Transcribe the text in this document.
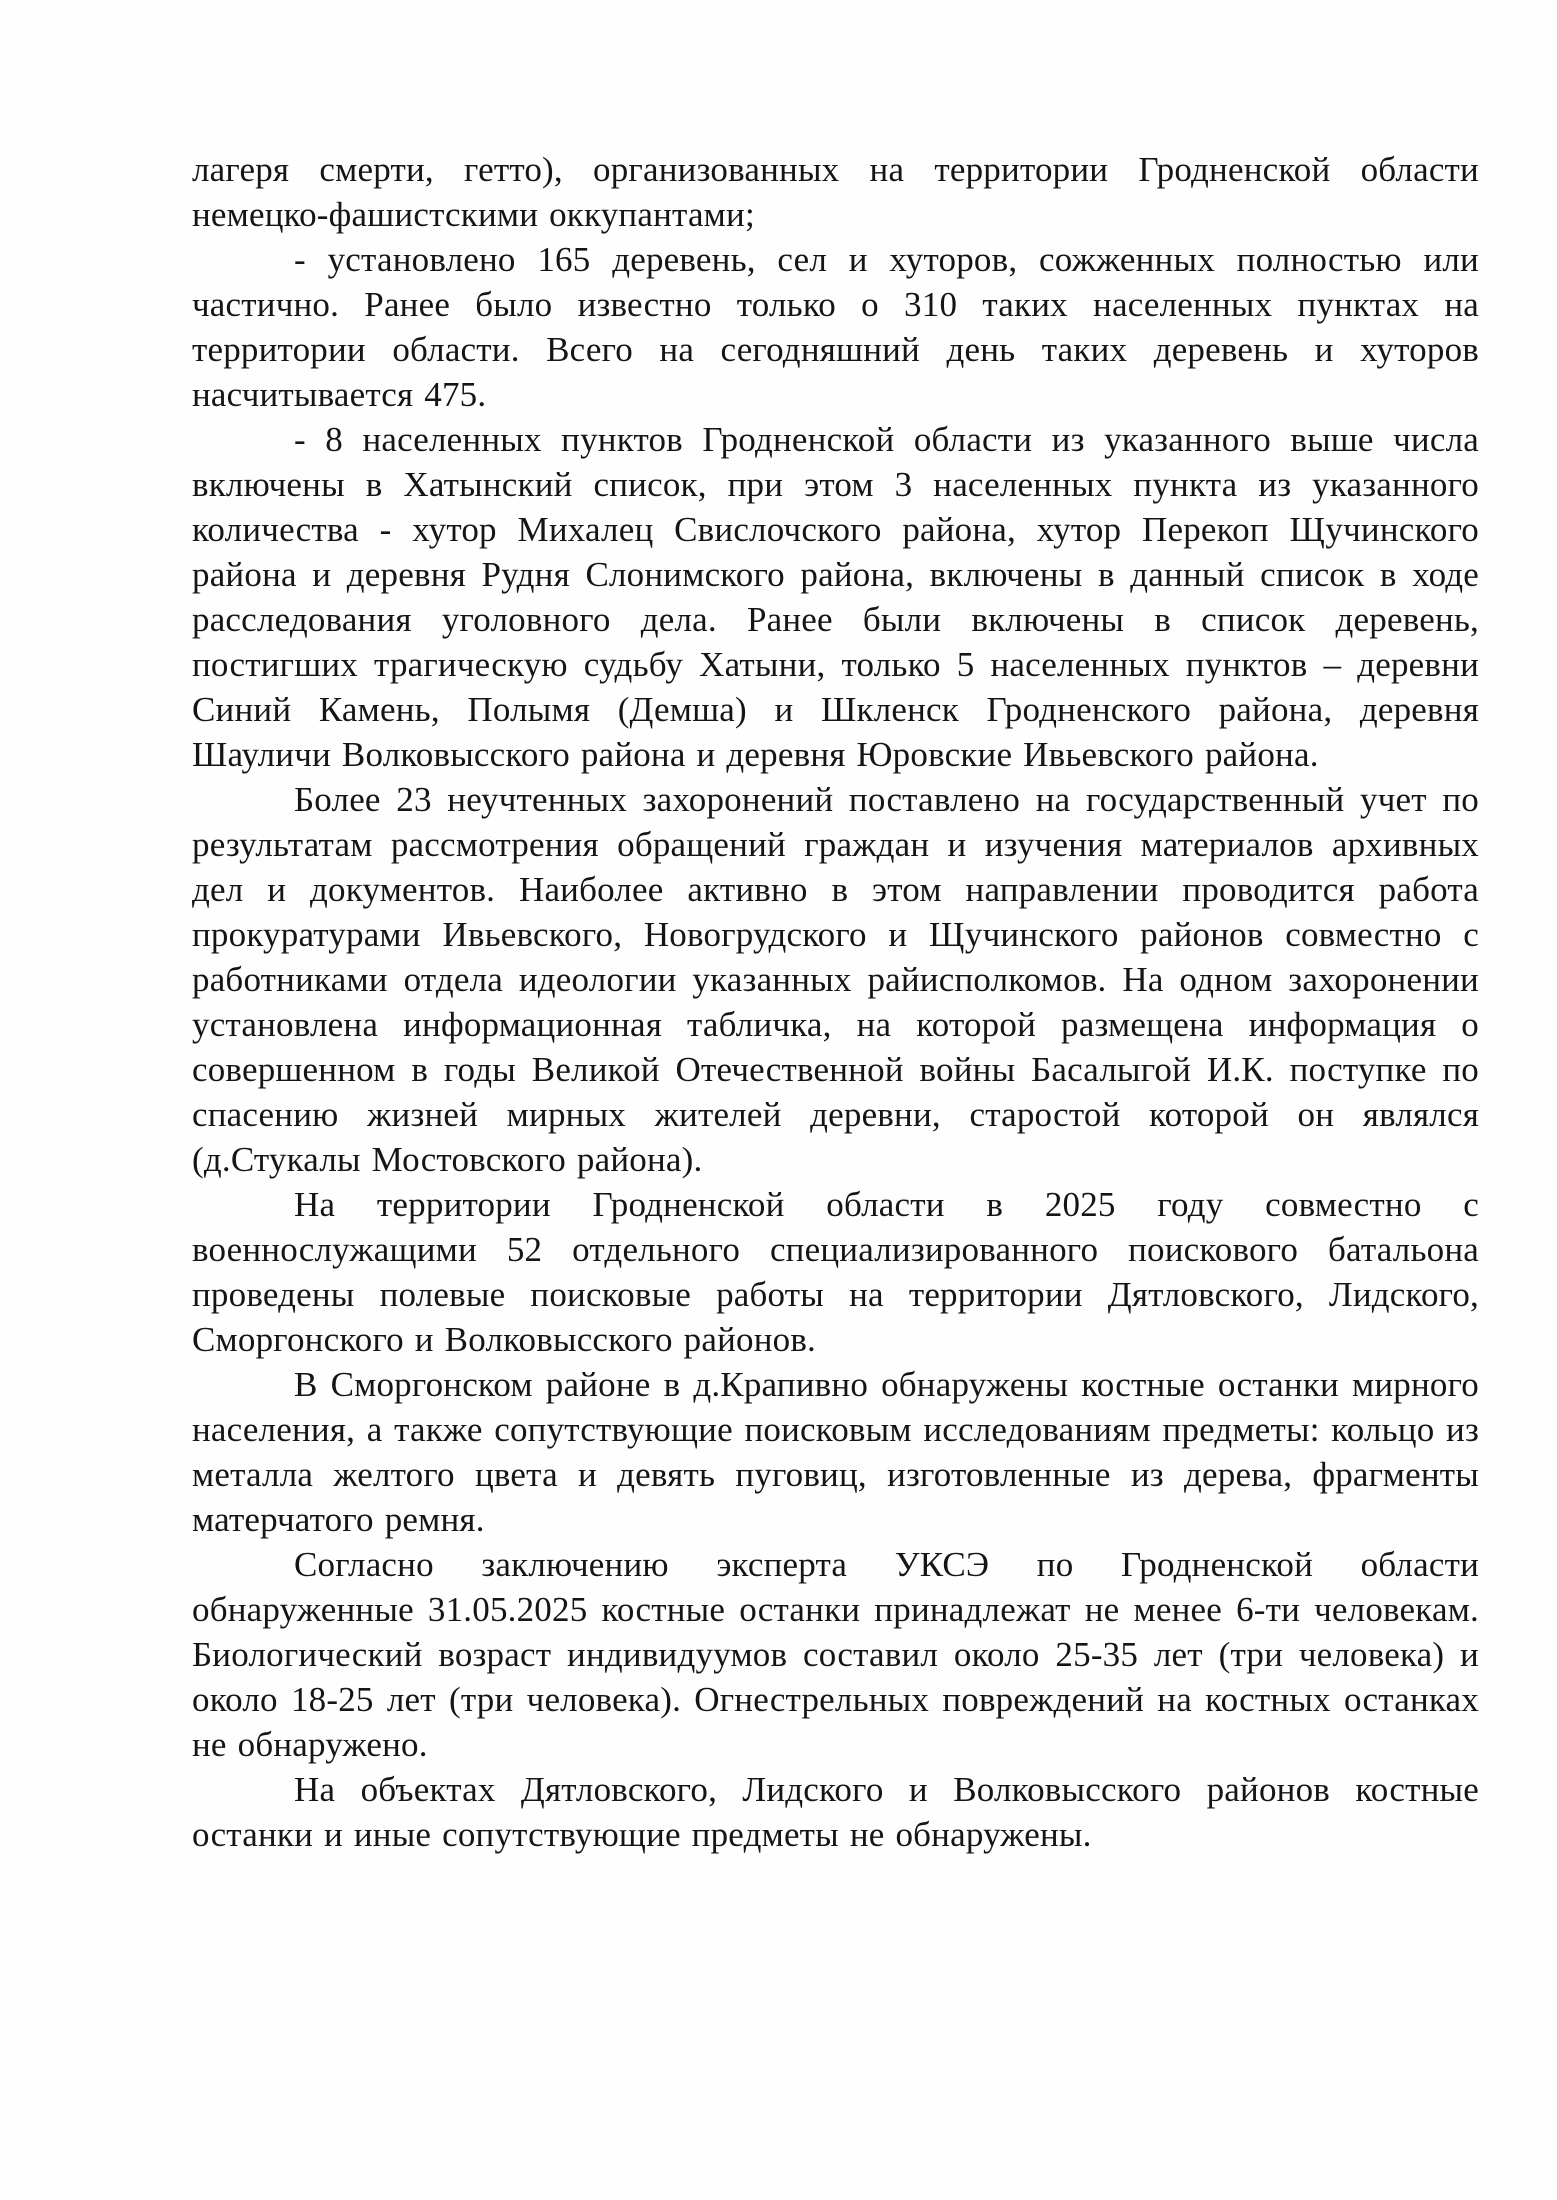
лагеря смерти, гетто), организованных на территории Гродненской области немецко-фашистскими оккупантами;

- установлено 165 деревень, сел и хуторов, сожженных полностью или частично. Ранее было известно только о 310 таких населенных пунктах на территории области. Всего на сегодняшний день таких деревень и хуторов насчитывается 475.

- 8 населенных пунктов Гродненской области из указанного выше числа включены в Хатынский список, при этом 3 населенных пункта из указанного количества - хутор Михалец Свислочского района, хутор Перекоп Щучинского района и деревня Рудня Слонимского района, включены в данный список в ходе расследования уголовного дела. Ранее были включены в список деревень, постигших трагическую судьбу Хатыни, только 5 населенных пунктов – деревни Синий Камень, Полымя (Демша) и Шкленск Гродненского района, деревня Шауличи Волковысского района и деревня Юровские Ивьевского района.

Более 23 неучтенных захоронений поставлено на государственный учет по результатам рассмотрения обращений граждан и изучения материалов архивных дел и документов. Наиболее активно в этом направлении проводится работа прокуратурами Ивьевского, Новогрудского и Щучинского районов совместно с работниками отдела идеологии указанных райисполкомов. На одном захоронении установлена информационная табличка, на которой размещена информация о совершенном в годы Великой Отечественной войны Басалыгой И.К. поступке по спасению жизней мирных жителей деревни, старостой которой он являлся (д.Стукалы Мостовского района).

На территории Гродненской области в 2025 году совместно с военнослужащими 52 отдельного специализированного поискового батальона проведены полевые поисковые работы на территории Дятловского, Лидского, Сморгонского и Волковысского районов.

В Сморгонском районе в д.Крапивно обнаружены костные останки мирного населения, а также сопутствующие поисковым исследованиям предметы: кольцо из металла желтого цвета и девять пуговиц, изготовленные из дерева, фрагменты матерчатого ремня.

Согласно заключению эксперта УКСЭ по Гродненской области обнаруженные 31.05.2025 костные останки принадлежат не менее 6-ти человекам. Биологический возраст индивидуумов составил около 25-35 лет (три человека) и около 18-25 лет (три человека). Огнестрельных повреждений на костных останках не обнаружено.

На объектах Дятловского, Лидского и Волковысского районов костные останки и иные сопутствующие предметы не обнаружены.
